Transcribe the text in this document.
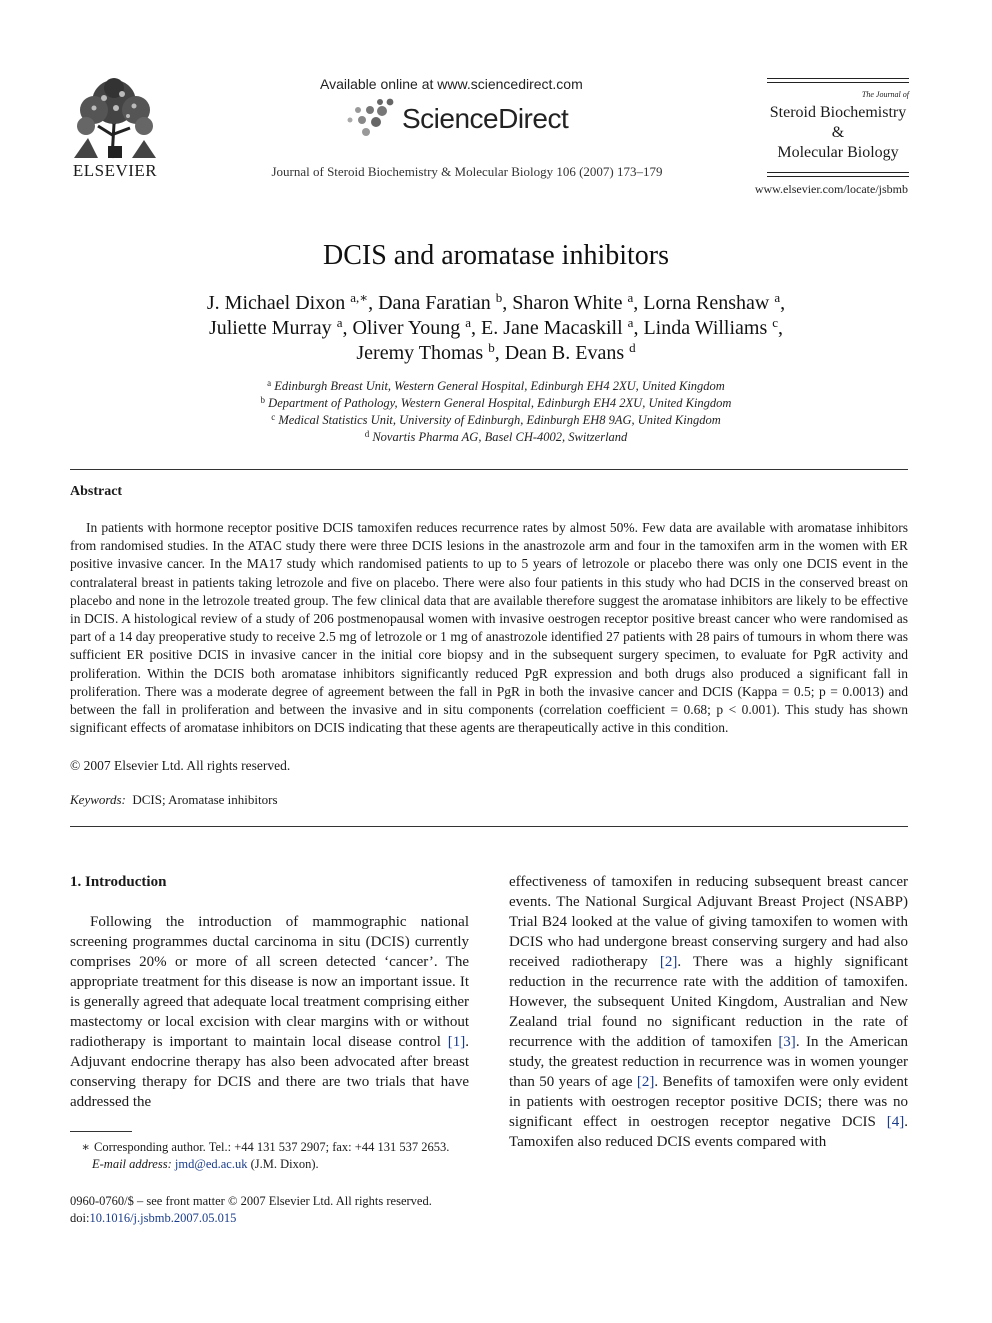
ELSEVIER
Available online at www.sciencedirect.com
ScienceDirect
Journal of Steroid Biochemistry & Molecular Biology 106 (2007) 173–179
The Journal of
Steroid Biochemistry
&
Molecular Biology
www.elsevier.com/locate/jsbmb
DCIS and aromatase inhibitors
J. Michael Dixon $^{a,∗}$, Dana Faratian $^b$, Sharon White $^a$, Lorna Renshaw $^a$,
Juliette Murray $^a$, Oliver Young $^a$, E. Jane Macaskill $^a$, Linda Williams $^c$,
Jeremy Thomas $^b$, Dean B. Evans $^d$
$^a$ Edinburgh Breast Unit, Western General Hospital, Edinburgh EH4 2XU, United Kingdom
$^b$ Department of Pathology, Western General Hospital, Edinburgh EH4 2XU, United Kingdom
$^c$ Medical Statistics Unit, University of Edinburgh, Edinburgh EH8 9AG, United Kingdom
$^d$ Novartis Pharma AG, Basel CH-4002, Switzerland
Abstract

In patients with hormone receptor positive DCIS tamoxifen reduces recurrence rates by almost 50%. Few data are available with aromatase inhibitors from randomised studies. In the ATAC study there were three DCIS lesions in the anastrozole arm and four in the tamoxifen arm in the women with ER positive invasive cancer. In the MA17 study which randomised patients to up to 5 years of letrozole or placebo there was only one DCIS event in the contralateral breast in patients taking letrozole and five on placebo. There were also four patients in this study who had DCIS in the conserved breast on placebo and none in the letrozole treated group. The few clinical data that are available therefore suggest the aromatase inhibitors are likely to be effective in DCIS. A histological review of a study of 206 postmenopausal women with invasive oestrogen receptor positive breast cancer who were randomised as part of a 14 day preoperative study to receive 2.5 mg of letrozole or 1 mg of anastrozole identified 27 patients with 28 pairs of tumours in whom there was sufficient ER positive DCIS in invasive cancer in the initial core biopsy and in the subsequent surgery specimen, to evaluate for PgR activity and proliferation. Within the DCIS both aromatase inhibitors significantly reduced PgR expression and both drugs also produced a significant fall in proliferation. There was a moderate degree of agreement between the fall in PgR in both the invasive cancer and DCIS (Kappa = 0.5; p = 0.0013) and between the fall in proliferation and between the invasive and in situ components (correlation coefficient = 0.68; p < 0.001). This study has shown significant effects of aromatase inhibitors on DCIS indicating that these agents are therapeutically active in this condition.

© 2007 Elsevier Ltd. All rights reserved.
Keywords: DCIS; Aromatase inhibitors
1. Introduction

Following the introduction of mammographic national screening programmes ductal carcinoma in situ (DCIS) currently comprises 20% or more of all screen detected ‘cancer’. The appropriate treatment for this disease is now an important issue. It is generally agreed that adequate local treatment comprising either mastectomy or local excision with clear margins with or without radiotherapy is important to maintain local disease control [1]. Adjuvant endocrine therapy has also been advocated after breast conserving therapy for DCIS and there are two trials that have addressed the

effectiveness of tamoxifen in reducing subsequent breast cancer events. The National Surgical Adjuvant Breast Project (NSABP) Trial B24 looked at the value of giving tamoxifen to women with DCIS who had undergone breast conserving surgery and had also received radiotherapy [2]. There was a highly significant reduction in the recurrence rate with the addition of tamoxifen. However, the subsequent United Kingdom, Australian and New Zealand trial found no significant reduction in the rate of recurrence with the addition of tamoxifen [3]. In the American study, the greatest reduction in recurrence was in women younger than 50 years of age [2]. Benefits of tamoxifen were only evident in patients with oestrogen receptor positive DCIS; there was no significant effect in oestrogen receptor negative DCIS [4]. Tamoxifen also reduced DCIS events compared with

∗ Corresponding author. Tel.: +44 131 537 2907; fax: +44 131 537 2653.
E-mail address: jmd@ed.ac.uk (J.M. Dixon).
0960-0760/$ – see front matter © 2007 Elsevier Ltd. All rights reserved.
doi:10.1016/j.jsbmb.2007.05.015
